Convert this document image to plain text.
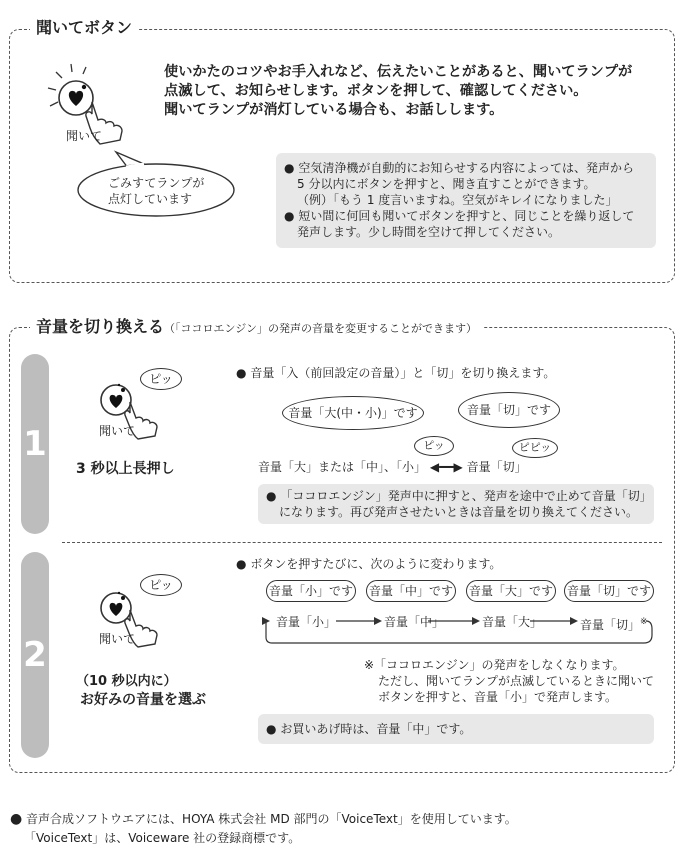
聞いてボタン
聞いて
使いかたのコツやお手入れなど、伝えたいことがあると、聞いてランプが
点滅して、お知らせします。ボタンを押して、確認してください。
聞いてランプが消灯している場合も、お話しします。
ごみすてランプが
点灯しています
● 空気清浄機が自動的にお知らせする内容によっては、発声から
5 分以内にボタンを押すと、聞き直すことができます。
（例）「もう 1 度言いますね。空気がキレイになりました」
● 短い間に何回も聞いてボタンを押すと、同じことを繰り返して
発声します。少し時間を空けて押してください。
音量を切り換える（「ココロエンジン」の発声の音量を変更することができます）
1	聞いて
ピッ
3 秒以上長押し
● 音量「入（前回設定の音量）」と「切」を切り換えます。
音量「大(中・小)」です	音量「切」です
ピッ	ピピッ
音量「大」または「中」、「小」 ◀━━▶ 音量「切」
● 「ココロエンジン」発声中に押すと、発声を途中で止めて音量「切」
になります。再び発声させたいときは音量を切り換えてください。
2	聞いて
ピッ
（10 秒以内に）
お好みの音量を選ぶ
● ボタンを押すたびに、次のように変わります。
音量「小」です 音量「中」です 音量「大」です 音量「切」です
音量「小」	音量「中」	音量「大」	音量「切」※
※「ココロエンジン」の発声をしなくなります。
ただし、聞いてランプが点滅しているときに聞いて
ボタンを押すと、音量「小」で発声します。
● お買いあげ時は、音量「中」です。
● 音声合成ソフトウエアには、HOYA 株式会社 MD 部門の「VoiceText」を使用しています。
「VoiceText」は、Voiceware 社の登録商標です。
